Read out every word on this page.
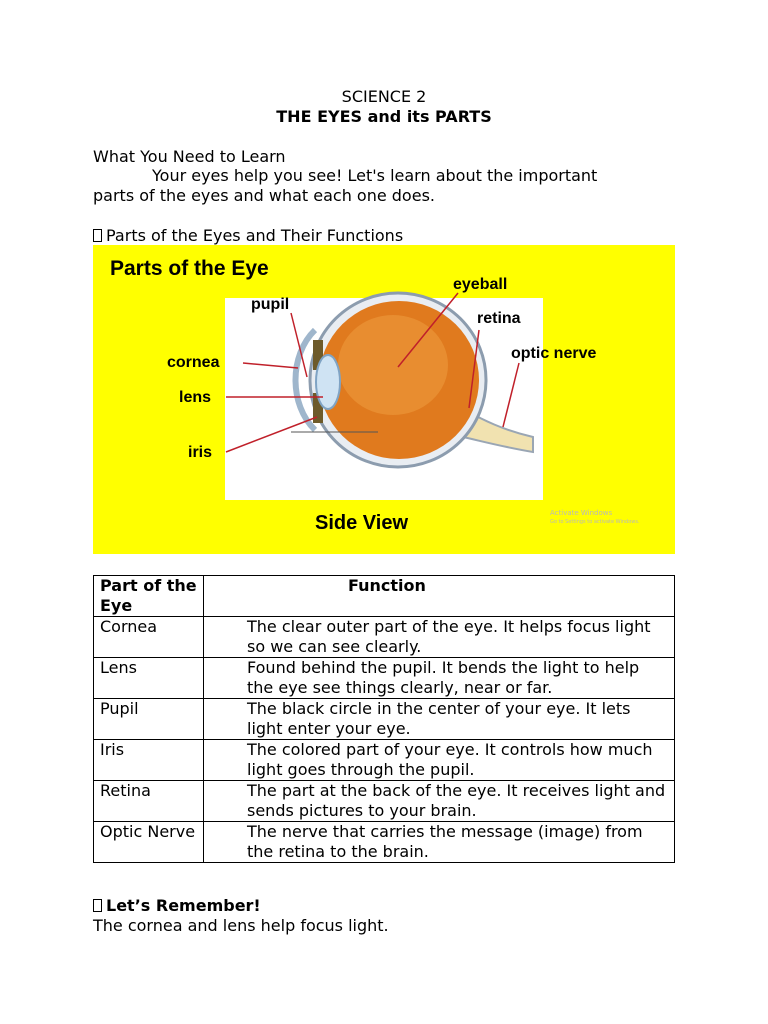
SCIENCE 2
THE EYES and its PARTS
What You Need to Learn
Your eyes help you see! Let's learn about the important
parts of the eyes and what each one does.
Parts of the Eyes and Their Functions
Parts of the Eye
pupil
eyeball
retina
optic nerve
cornea
lens
iris
Side View	Activate Windows
Go to Settings to activate Windows.
Part of the Eye	Function
Cornea	The clear outer part of the eye. It helps focus light so we can see clearly.
Lens	Found behind the pupil. It bends the light to help the eye see things clearly, near or far.
Pupil	The black circle in the center of your eye. It lets light enter your eye.
Iris	The colored part of your eye. It controls how much light goes through the pupil.
Retina	The part at the back of the eye. It receives light and sends pictures to your brain.
Optic Nerve	The nerve that carries the message (image) from the retina to the brain.
Let’s Remember!
The cornea and lens help focus light.
